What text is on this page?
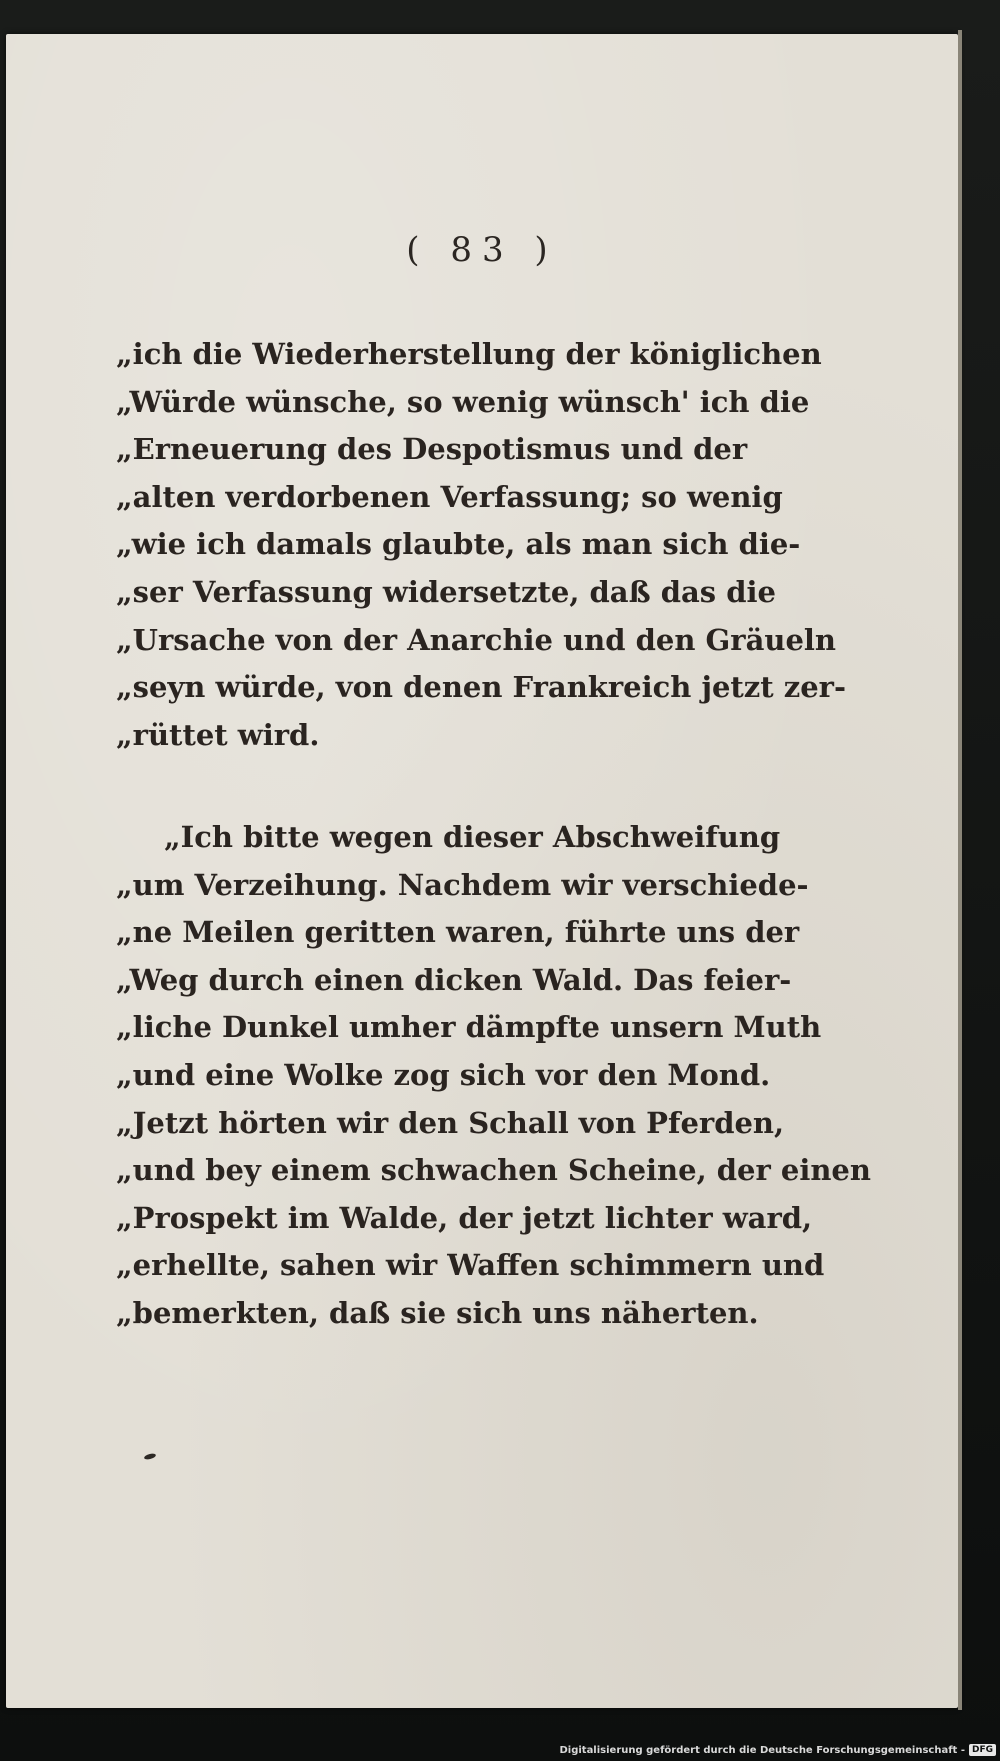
( 83 )
„ich die Wiederherstellung der königlichen
„Würde wünsche, so wenig wünsch' ich die
„Erneuerung des Despotismus und der
„alten verdorbenen Verfassung; so wenig
„wie ich damals glaubte, als man sich die-
„ser Verfassung widersetzte, daß das die
„Ursache von der Anarchie und den Gräueln
„seyn würde, von denen Frankreich jetzt zer-
„rüttet wird.
„Ich bitte wegen dieser Abschweifung
„um Verzeihung. Nachdem wir verschiede-
„ne Meilen geritten waren, führte uns der
„Weg durch einen dicken Wald. Das feier-
„liche Dunkel umher dämpfte unsern Muth
„und eine Wolke zog sich vor den Mond.
„Jetzt hörten wir den Schall von Pferden,
„und bey einem schwachen Scheine, der einen
„Prospekt im Walde, der jetzt lichter ward,
„erhellte, sahen wir Waffen schimmern und
„bemerkten, daß sie sich uns näherten.
Digitalisierung gefördert durch die Deutsche Forschungsgemeinschaft - DFG
